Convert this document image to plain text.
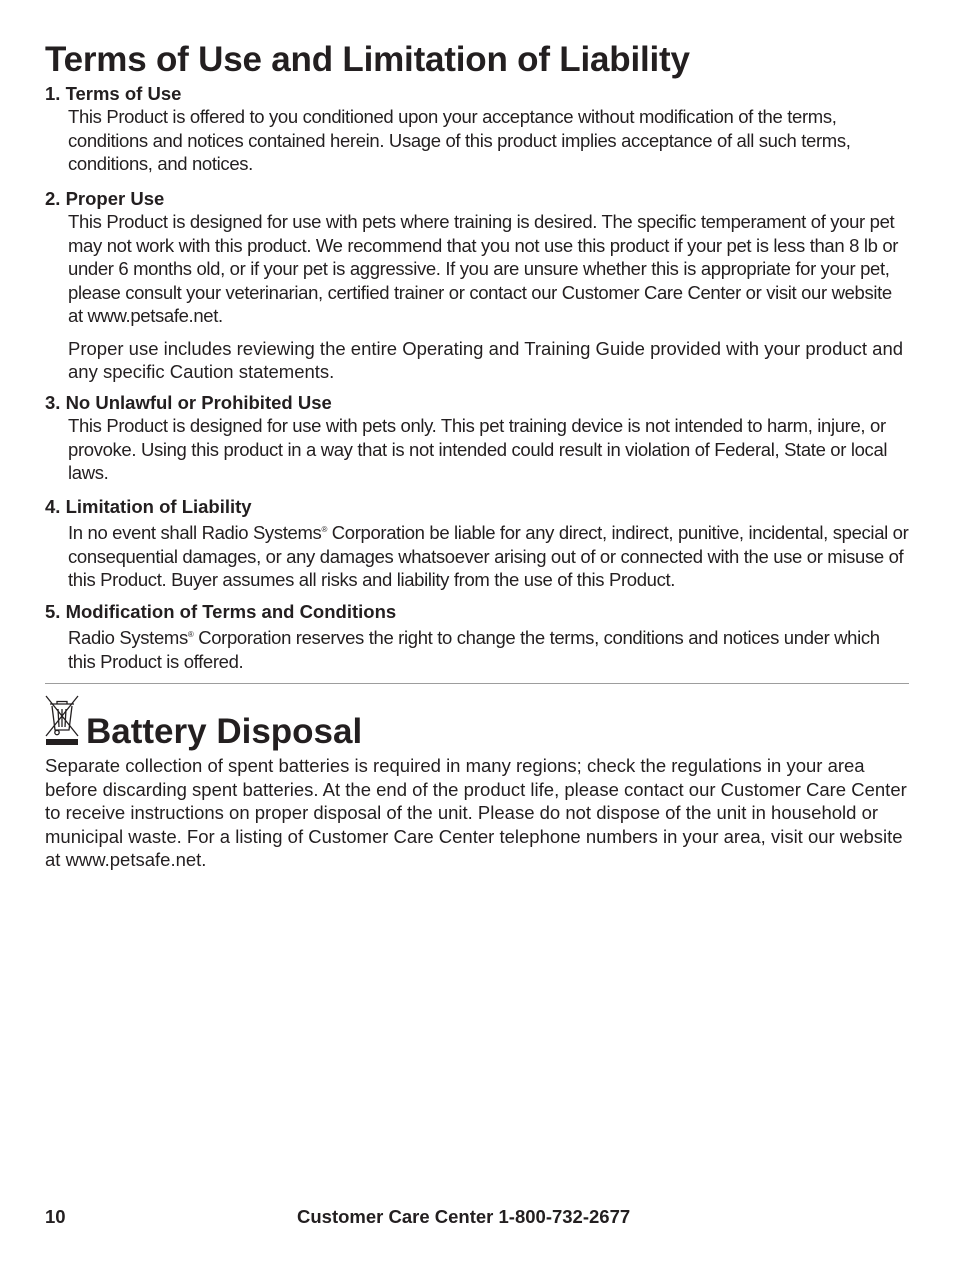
Terms of Use and Limitation of Liability

1. Terms of Use

This Product is offered to you conditioned upon your acceptance without modification of the terms, conditions and notices contained herein. Usage of this product implies acceptance of all such terms, conditions, and notices.

2. Proper Use

This Product is designed for use with pets where training is desired. The specific temperament of your pet may not work with this product. We recommend that you not use this product if your pet is less than 8 lb or under 6 months old, or if your pet is aggressive. If you are unsure whether this is appropriate for your pet, please consult your veterinarian, certified trainer or contact our Customer Care Center or visit our website at www.petsafe.net.

Proper use includes reviewing the entire Operating and Training Guide provided with your product and any specific Caution statements.

3. No Unlawful or Prohibited Use

This Product is designed for use with pets only. This pet training device is not intended to harm, injure, or provoke. Using this product in a way that is not intended could result in violation of Federal, State or local laws.

4. Limitation of Liability

In no event shall Radio Systems® Corporation be liable for any direct, indirect, punitive, incidental, special or consequential damages, or any damages whatsoever arising out of or connected with the use or misuse of this Product. Buyer assumes all risks and liability from the use of this Product.

5. Modification of Terms and Conditions

Radio Systems® Corporation reserves the right to change the terms, conditions and notices under which this Product is offered.

Battery Disposal

Separate collection of spent batteries is required in many regions; check the regulations in your area before discarding spent batteries. At the end of the product life, please contact our Customer Care Center to receive instructions on proper disposal of the unit. Please do not dispose of the unit in household or municipal waste. For a listing of Customer Care Center telephone numbers in your area, visit our website at www.petsafe.net.

10	Customer Care Center 1-800-732-2677
